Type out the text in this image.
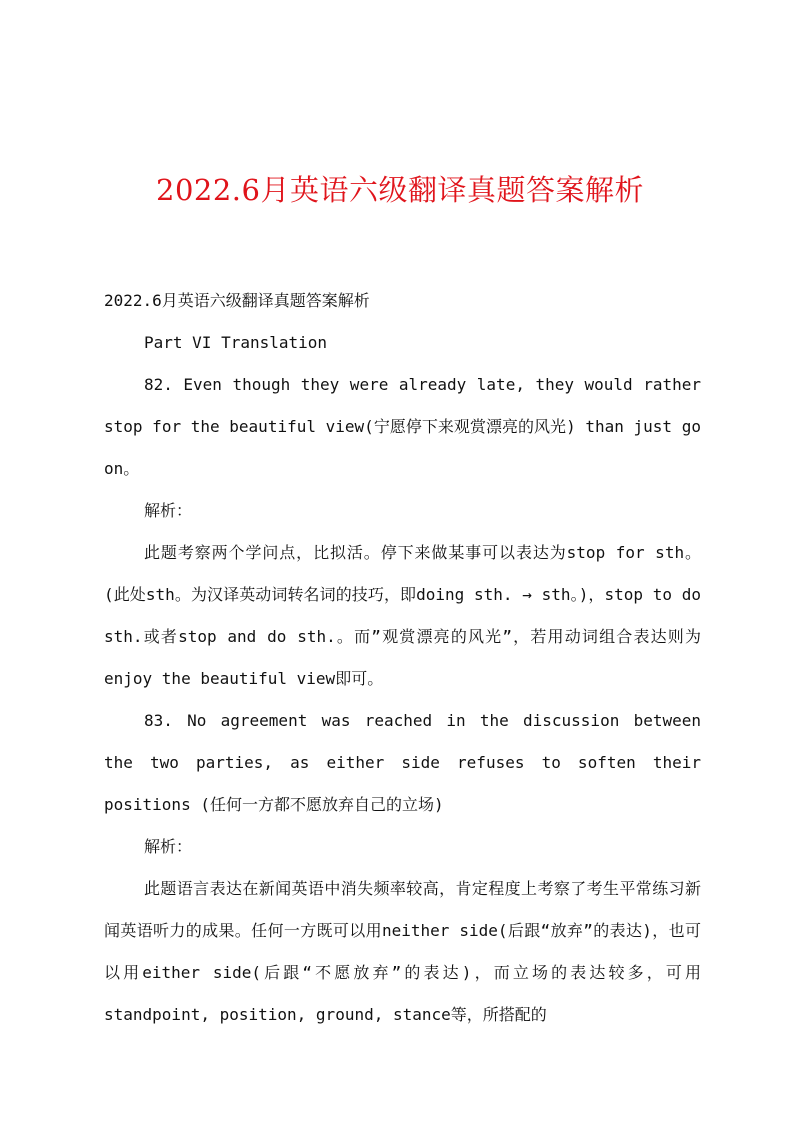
2022.6月英语六级翻译真题答案解析

2022.6月英语六级翻译真题答案解析

Part VI Translation

82. Even though they were already late, they would rather stop for the beautiful view(宁愿停下来观赏漂亮的风光) than just go on。

解析：

此题考察两个学问点，比拟活。停下来做某事可以表达为stop for sth。(此处sth。为汉译英动词转名词的技巧，即doing sth. → sth。)，stop to do sth.或者stop and do sth.。而”观赏漂亮的风光”，若用动词组合表达则为enjoy the beautiful view即可。

83. No agreement was reached in the discussion between the two parties, as either side refuses to soften their positions (任何一方都不愿放弃自己的立场)

解析：

此题语言表达在新闻英语中消失频率较高，肯定程度上考察了考生平常练习新闻英语听力的成果。任何一方既可以用neither side(后跟“放弃”的表达)，也可以用either side(后跟“不愿放弃”的表达)，而立场的表达较多，可用standpoint, position, ground, stance等，所搭配的
